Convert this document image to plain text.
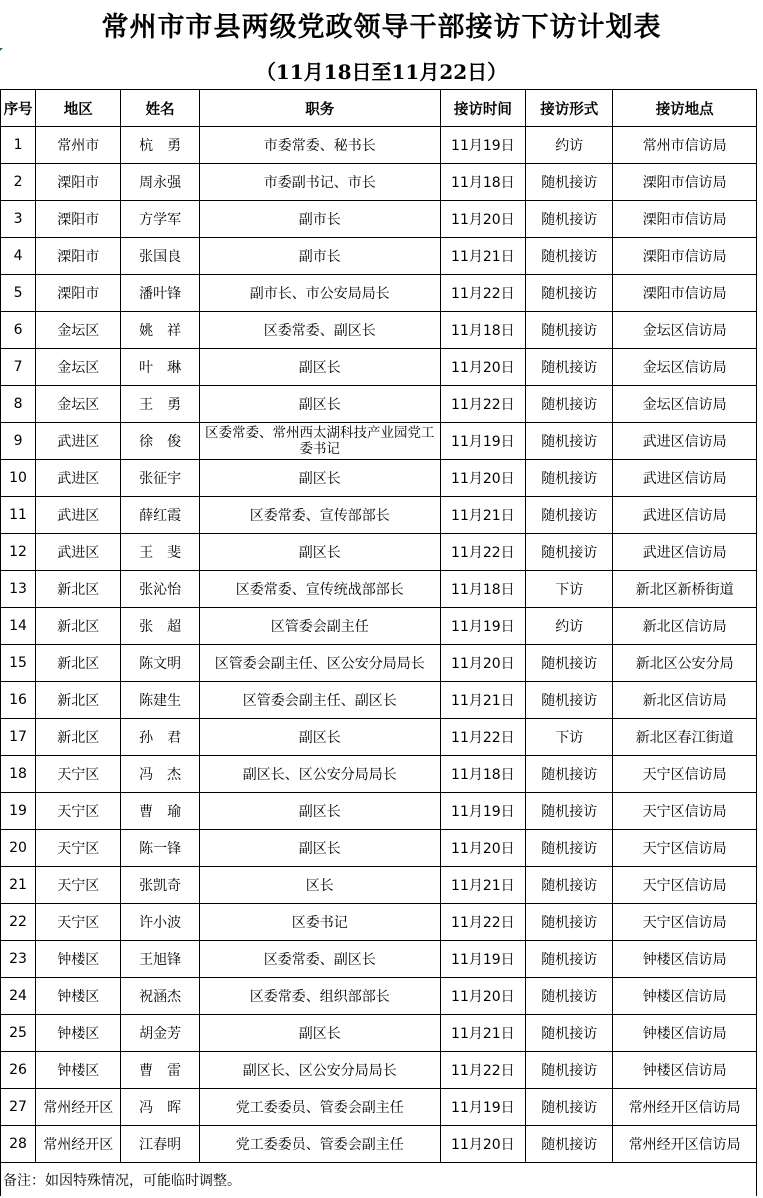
常州市市县两级党政领导干部接访下访计划表
（11月18日至11月22日）
序号	地区	姓名	职务	接访时间	接访形式	接访地点
1	常州市	杭　勇	市委常委、秘书长	11月19日	约访	常州市信访局
2	溧阳市	周永强	市委副书记、市长	11月18日	随机接访	溧阳市信访局
3	溧阳市	方学军	副市长	11月20日	随机接访	溧阳市信访局
4	溧阳市	张国良	副市长	11月21日	随机接访	溧阳市信访局
5	溧阳市	潘叶锋	副市长、市公安局局长	11月22日	随机接访	溧阳市信访局
6	金坛区	姚　祥	区委常委、副区长	11月18日	随机接访	金坛区信访局
7	金坛区	叶　琳	副区长	11月20日	随机接访	金坛区信访局
8	金坛区	王　勇	副区长	11月22日	随机接访	金坛区信访局
9	武进区	徐　俊	区委常委、常州西太湖科技产业园党工委书记	11月19日	随机接访	武进区信访局
10	武进区	张征宇	副区长	11月20日	随机接访	武进区信访局
11	武进区	薛红霞	区委常委、宣传部部长	11月21日	随机接访	武进区信访局
12	武进区	王　斐	副区长	11月22日	随机接访	武进区信访局
13	新北区	张沁怡	区委常委、宣传统战部部长	11月18日	下访	新北区新桥街道
14	新北区	张　超	区管委会副主任	11月19日	约访	新北区信访局
15	新北区	陈文明	区管委会副主任、区公安分局局长	11月20日	随机接访	新北区公安分局
16	新北区	陈建生	区管委会副主任、副区长	11月21日	随机接访	新北区信访局
17	新北区	孙　君	副区长	11月22日	下访	新北区春江街道
18	天宁区	冯　杰	副区长、区公安分局局长	11月18日	随机接访	天宁区信访局
19	天宁区	曹　瑜	副区长	11月19日	随机接访	天宁区信访局
20	天宁区	陈一锋	副区长	11月20日	随机接访	天宁区信访局
21	天宁区	张凯奇	区长	11月21日	随机接访	天宁区信访局
22	天宁区	许小波	区委书记	11月22日	随机接访	天宁区信访局
23	钟楼区	王旭锋	区委常委、副区长	11月19日	随机接访	钟楼区信访局
24	钟楼区	祝涵杰	区委常委、组织部部长	11月20日	随机接访	钟楼区信访局
25	钟楼区	胡金芳	副区长	11月21日	随机接访	钟楼区信访局
26	钟楼区	曹　雷	副区长、区公安分局局长	11月22日	随机接访	钟楼区信访局
27	常州经开区	冯　晖	党工委委员、管委会副主任	11月19日	随机接访	常州经开区信访局
28	常州经开区	江春明	党工委委员、管委会副主任	11月20日	随机接访	常州经开区信访局
备注：如因特殊情况，可能临时调整。						
